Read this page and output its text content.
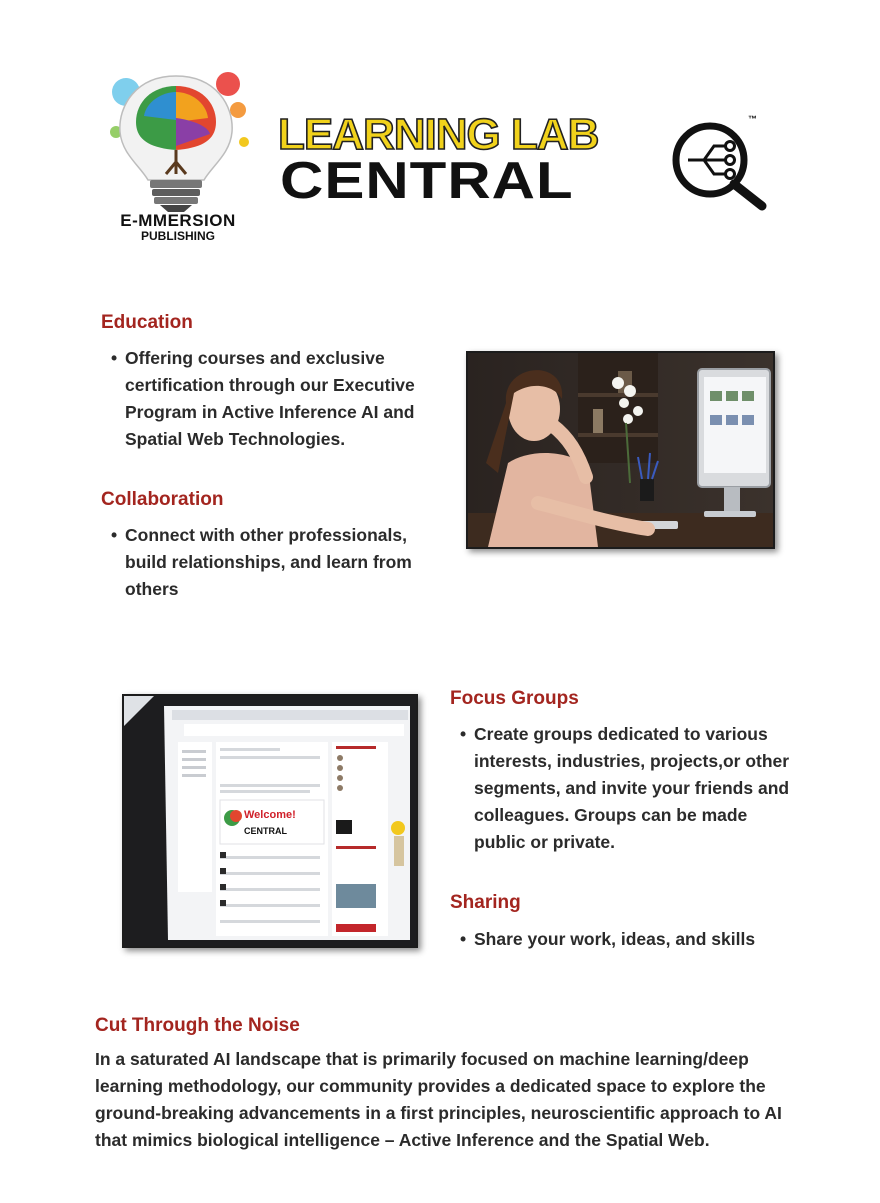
E-MMERSION
PUBLISHING
LEARNING LAB
CENTRAL
™
Education
• Offering courses and exclusive certification through our Executive Program in Active Inference AI and Spatial Web Technologies.
Collaboration
• Connect with other professionals, build relationships, and learn from others
Welcome!
CENTRAL
Focus Groups
• Create groups dedicated to various interests, industries, projects,or other segments, and invite your friends and colleagues. Groups can be made public or private.
Sharing
• Share your work, ideas, and skills
Cut Through the Noise

In a saturated AI landscape that is primarily focused on machine learning/deep learning methodology, our community provides a dedicated space to explore the ground-breaking advancements in a first principles, neuroscientific approach to AI that mimics biological intelligence – Active Inference and the Spatial Web.
